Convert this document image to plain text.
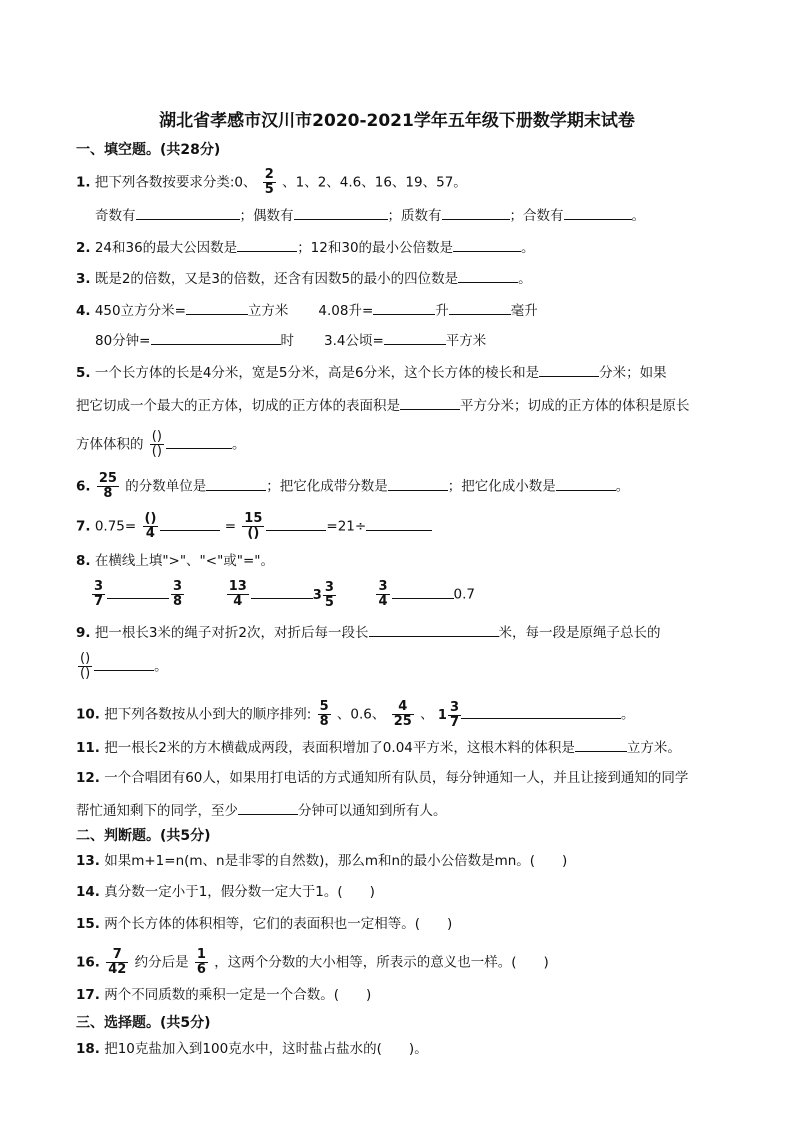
湖北省孝感市汉川市2020-2021学年五年级下册数学期末试卷
一、填空题。(共28分)
1. 把下列各数按要求分类:0、 $\frac{2}{5}$ 、1、2、4.6、16、19、57。
奇数有	；偶数有	；质数有	；合数有	。
2. 24和36的最大公因数是	；12和30的最小公倍数是	。
3. 既是2的倍数，又是3的倍数，还含有因数5的最小的四位数是	。
4. 450立方分米=	立方米 4.08升=	升	毫升
80分钟=	时 3.4公顷=	平方米
5. 一个长方体的长是4分米，宽是5分米，高是6分米，这个长方体的棱长和是	分米；如果
把它切成一个最大的正方体，切成的正方体的表面积是	平方分米；切成的正方体的体积是原长
方体体积的 ()
()	。
6. $\frac{25}{8}$ 的分数单位是	；把它化成带分数是	；把它化成小数是	。
7. 0.75= ()
4	= 15
()	=21÷
8. 在横线上填">"、"<"或"="。
$\frac{3}{7}$	$\frac{3}{8}$
	$\frac{13}{4}$	3 3
5
	$\frac{3}{4}$	0.7
9. 把一根长3米的绳子对折2次，对折后每一段长	米，每一段是原绳子总长的
()
()	。
10. 把下列各数按从小到大的顺序排列: $\frac{5}{8}$ 、0.6、 $\frac{4}{25}$ 、 1 3
7	。
11. 把一根长2米的方木横截成两段，表面积增加了0.04平方米，这根木料的体积是	立方米。
12. 一个合唱团有60人，如果用打电话的方式通知所有队员，每分钟通知一人，并且让接到通知的同学
帮忙通知剩下的同学，至少	分钟可以通知到所有人。
二、判断题。(共5分)
13. 如果m+1=n(m、n是非零的自然数)，那么m和n的最小公倍数是mn。(　　)
14. 真分数一定小于1，假分数一定大于1。(　　)
15. 两个长方体的体积相等，它们的表面积也一定相等。(　　)
16. $\frac{7}{42}$ 约分后是 $\frac{1}{6}$ ，这两个分数的大小相等，所表示的意义也一样。(　　)
17. 两个不同质数的乘积一定是一个合数。(　　)
三、选择题。(共5分)
18. 把10克盐加入到100克水中，这时盐占盐水的(　　)。
